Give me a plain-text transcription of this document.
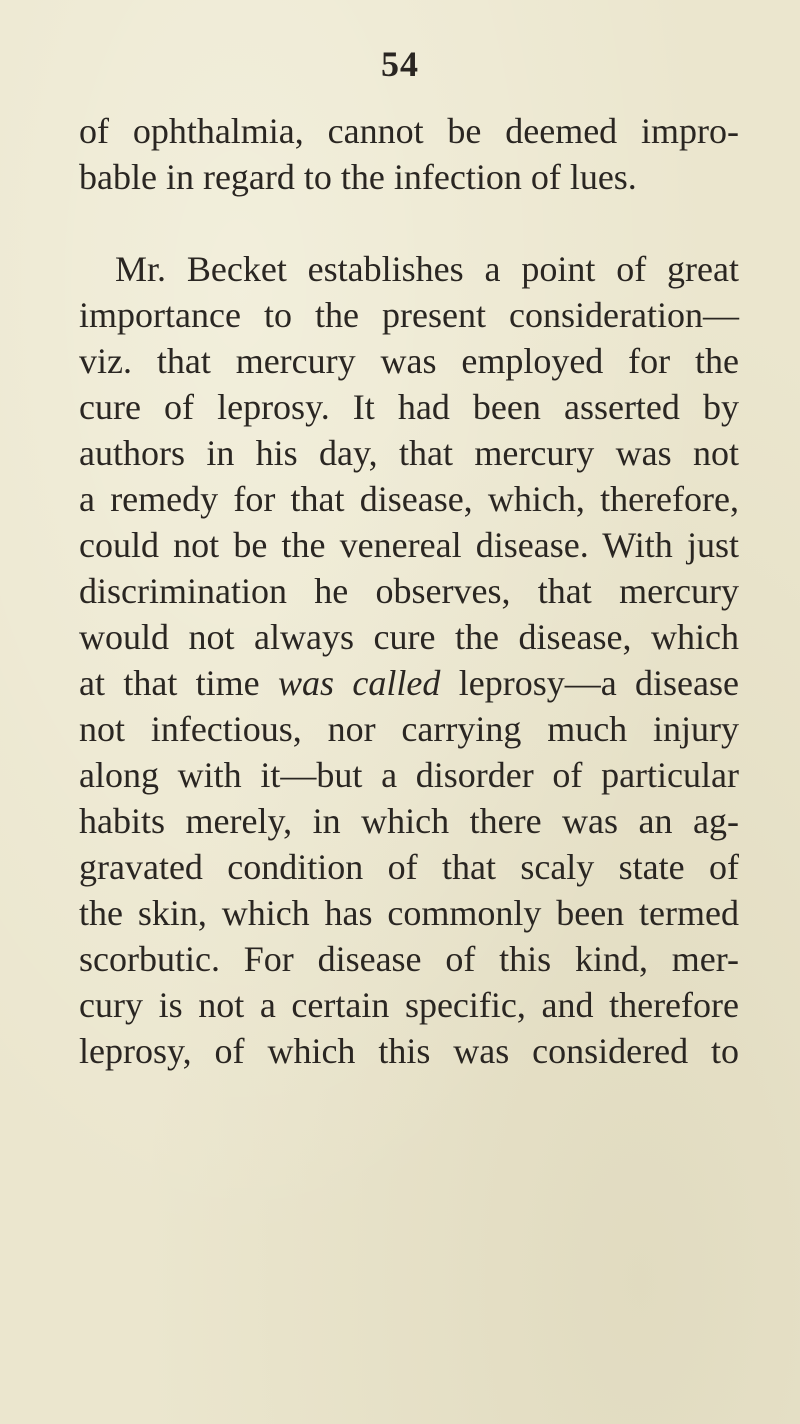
54
of ophthalmia, cannot be deemed impro-
bable in regard to the infection of lues.
Mr. Becket establishes a point of great
importance to the present consideration—
viz. that mercury was employed for the
cure of leprosy. It had been asserted by
authors in his day, that mercury was not
a remedy for that disease, which, therefore,
could not be the venereal disease. With just
discrimination he observes, that mercury
would not always cure the disease, which
at that time was called leprosy—a disease
not infectious, nor carrying much injury
along with it—but a disorder of particular
habits merely, in which there was an ag-
gravated condition of that scaly state of
the skin, which has commonly been termed
scorbutic. For disease of this kind, mer-
cury is not a certain specific, and therefore
leprosy, of which this was considered to
